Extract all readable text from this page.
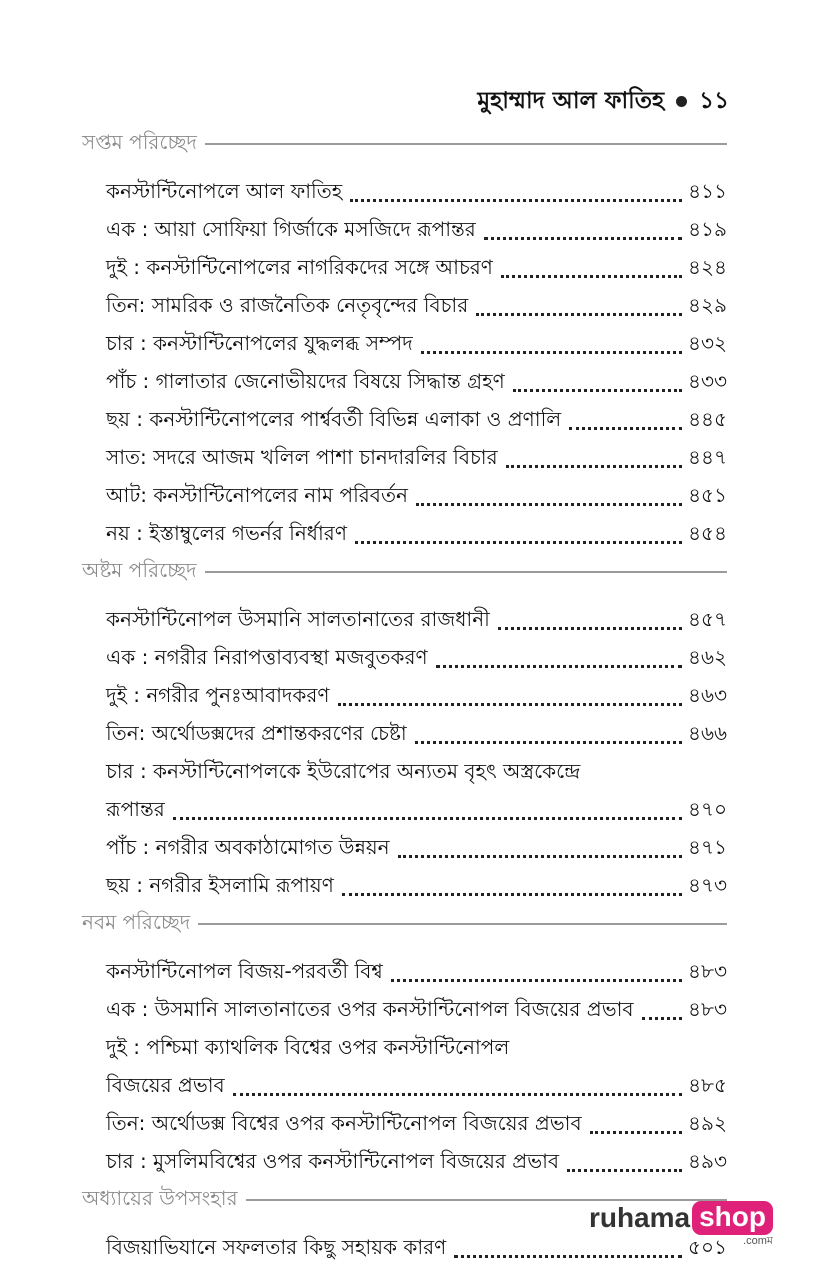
মুহাম্মাদ আল ফাতিহ ১১
সপ্তম পরিচ্ছেদ
কনস্টান্টিনোপলে আল ফাতিহ	৪১১
এক : আয়া সোফিয়া গির্জাকে মসজিদে রূপান্তর	৪১৯
দুই : কনস্টান্টিনোপলের নাগরিকদের সঙ্গে আচরণ	৪২৪
তিন: সামরিক ও রাজনৈতিক নেতৃবৃন্দের বিচার	৪২৯
চার : কনস্টান্টিনোপলের যুদ্ধলব্ধ সম্পদ	৪৩২
পাঁচ : গালাতার জেনোভীয়দের বিষয়ে সিদ্ধান্ত গ্রহণ	৪৩৩
ছয় : কনস্টান্টিনোপলের পার্শ্ববর্তী বিভিন্ন এলাকা ও প্রণালি	৪৪৫
সাত: সদরে আজম খলিল পাশা চানদারলির বিচার	৪৪৭
আট: কনস্টান্টিনোপলের নাম পরিবর্তন	৪৫১
নয় : ইস্তাম্বুলের গভর্নর নির্ধারণ	৪৫৪
অষ্টম পরিচ্ছেদ
কনস্টান্টিনোপল উসমানি সালতানাতের রাজধানী	৪৫৭
এক : নগরীর নিরাপত্তাব্যবস্থা মজবুতকরণ	৪৬২
দুই : নগরীর পুনঃআবাদকরণ	৪৬৩
তিন: অর্থোডক্সদের প্রশান্তকরণের চেষ্টা	৪৬৬
চার : কনস্টান্টিনোপলকে ইউরোপের অন্যতম বৃহৎ অস্ত্রকেন্দ্রে
রূপান্তর	৪৭০
পাঁচ : নগরীর অবকাঠামোগত উন্নয়ন	৪৭১
ছয় : নগরীর ইসলামি রূপায়ণ	৪৭৩
নবম পরিচ্ছেদ
কনস্টান্টিনোপল বিজয়-পরবর্তী বিশ্ব	৪৮৩
এক : উসমানি সালতানাতের ওপর কনস্টান্টিনোপল বিজয়ের প্রভাব	৪৮৩
দুই : পশ্চিমা ক্যাথলিক বিশ্বের ওপর কনস্টান্টিনোপল
বিজয়ের প্রভাব	৪৮৫
তিন: অর্থোডক্স বিশ্বের ওপর কনস্টান্টিনোপল বিজয়ের প্রভাব	৪৯২
চার : মুসলিমবিশ্বের ওপর কনস্টান্টিনোপল বিজয়ের প্রভাব	৪৯৩
অধ্যায়ের উপসংহার
বিজয়াভিযানে সফলতার কিছু সহায়ক কারণ	৫০১
ruhama shop
.comম
